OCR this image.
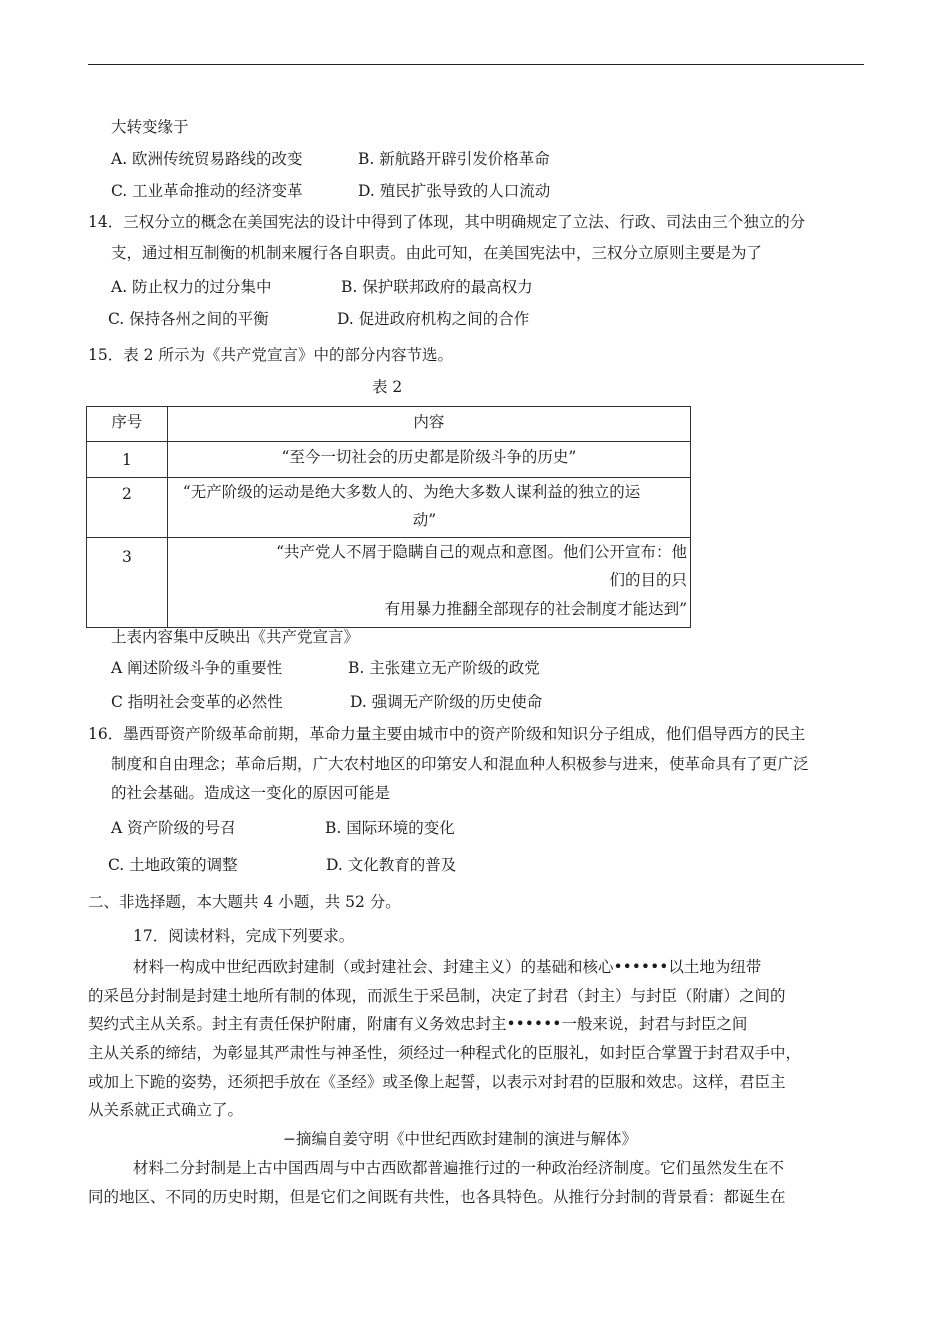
大转变缘于
A. 欧洲传统贸易路线的改变	B. 新航路开辟引发价格革命
C. 工业革命推动的经济变革	D. 殖民扩张导致的人口流动
14．三权分立的概念在美国宪法的设计中得到了体现，其中明确规定了立法、行政、司法由三个独立的分
支，通过相互制衡的机制来履行各自职责。由此可知，在美国宪法中，三权分立原则主要是为了
A. 防止权力的过分集中	B. 保护联邦政府的最高权力
C. 保持各州之间的平衡	D. 促进政府机构之间的合作
15．表 2 所示为《共产党宣言》中的部分内容节选。
表 2
序号	内容

1	“至今一切社会的历史都是阶级斗争的历史”

2	“无产阶级的运动是绝大多数人的、为绝大多数人谋利益的独立的运
动”

3	“共产党人不屑于隐瞒自己的观点和意图。他们公开宣布：他
们的目的只
有用暴力推翻全部现存的社会制度才能达到”
上表内容集中反映出《共产党宣言》
A 阐述阶级斗争的重要性	B. 主张建立无产阶级的政党
C 指明社会变革的必然性	D. 强调无产阶级的历史使命
16．墨西哥资产阶级革命前期，革命力量主要由城市中的资产阶级和知识分子组成，他们倡导西方的民主
制度和自由理念；革命后期，广大农村地区的印第安人和混血种人积极参与进来，使革命具有了更广泛
的社会基础。造成这一变化的原因可能是
A 资产阶级的号召	B. 国际环境的变化
C. 土地政策的调整	D. 文化教育的普及
二、非选择题，本大题共 4 小题，共 52 分。
17．阅读材料，完成下列要求。
材料一构成中世纪西欧封建制（或封建社会、封建主义）的基础和核心••••••以土地为纽带
的采邑分封制是封建土地所有制的体现，而派生于采邑制，决定了封君（封主）与封臣（附庸）之间的
契约式主从关系。封主有责任保护附庸，附庸有义务效忠封主••••••一般来说，封君与封臣之间
主从关系的缔结，为彰显其严肃性与神圣性，须经过一种程式化的臣服礼，如封臣合掌置于封君双手中，
或加上下跪的姿势，还须把手放在《圣经》或圣像上起誓，以表示对封君的臣服和效忠。这样，君臣主
从关系就正式确立了。
−摘编自姜守明《中世纪西欧封建制的演进与解体》
材料二分封制是上古中国西周与中古西欧都普遍推行过的一种政治经济制度。它们虽然发生在不
同的地区、不同的历史时期，但是它们之间既有共性，也各具特色。从推行分封制的背景看：都诞生在
